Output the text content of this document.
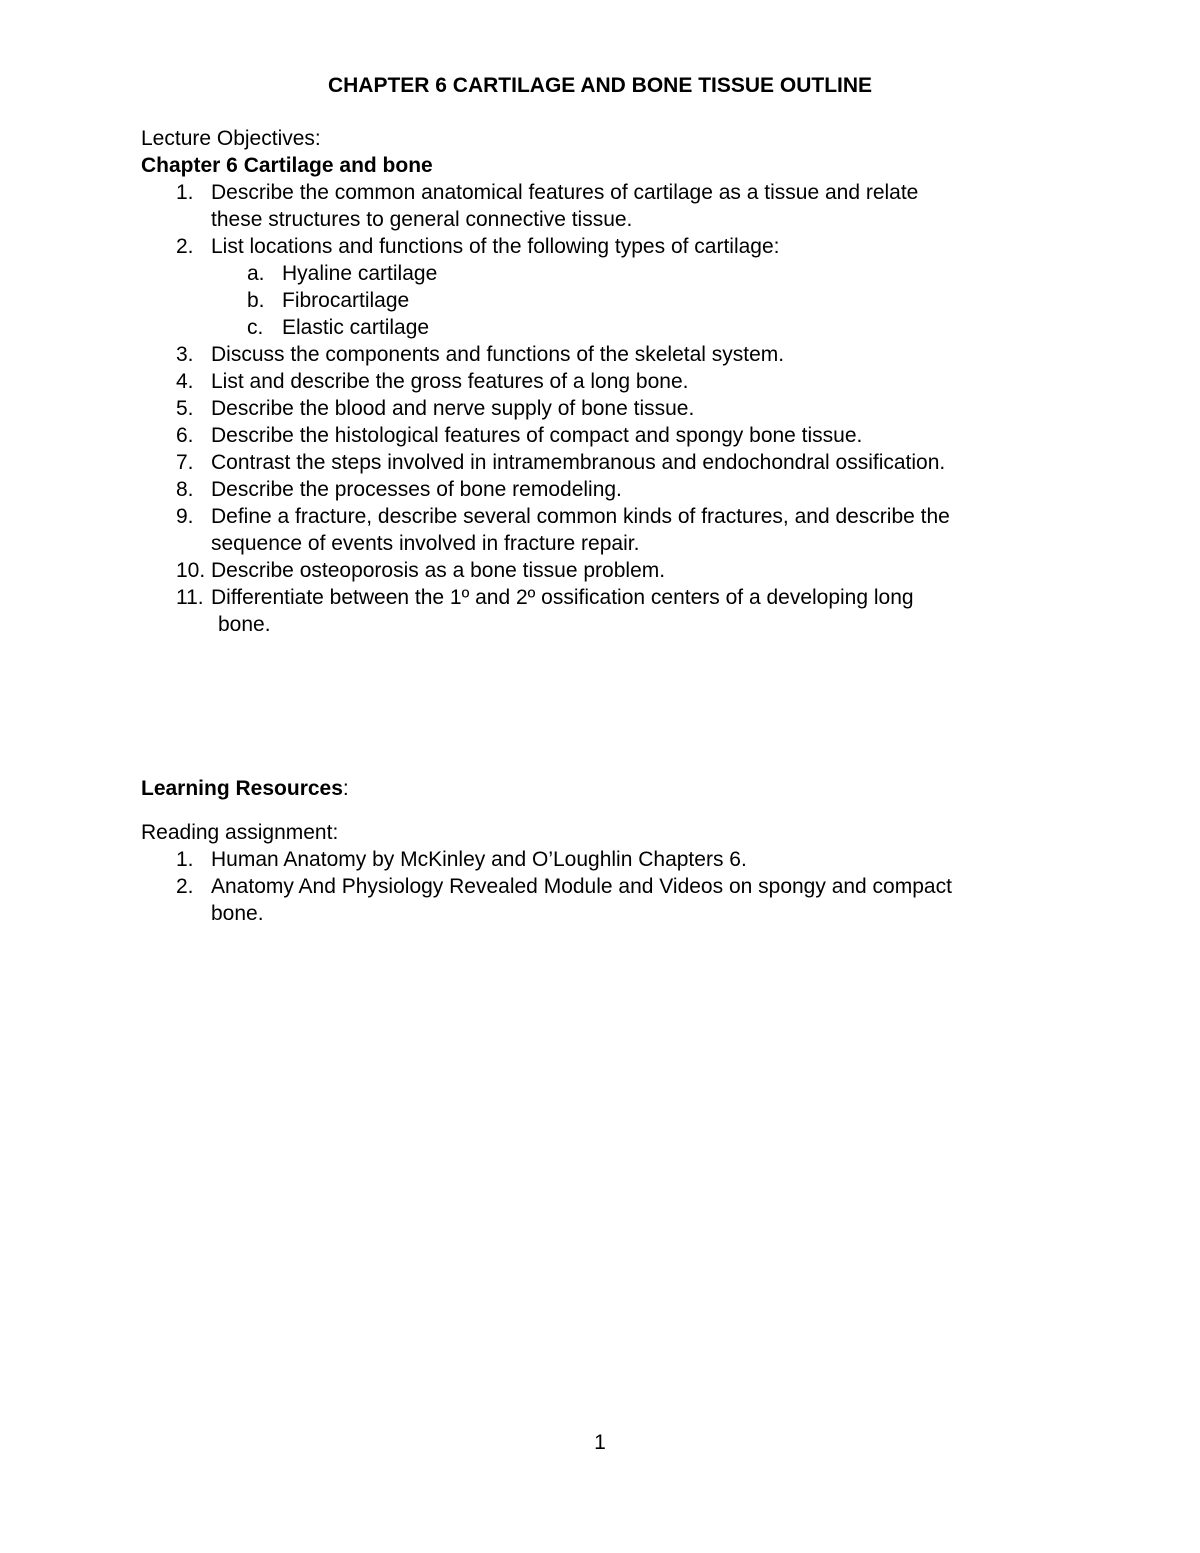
CHAPTER 6 CARTILAGE AND BONE TISSUE OUTLINE
Lecture Objectives:
Chapter 6 Cartilage and bone
1. Describe the common anatomical features of cartilage as a tissue and relate
these structures to general connective tissue.
2. List locations and functions of the following types of cartilage:
a. Hyaline cartilage
b. Fibrocartilage
c. Elastic cartilage
3. Discuss the components and functions of the skeletal system.
4. List and describe the gross features of a long bone.
5. Describe the blood and nerve supply of bone tissue.
6. Describe the histological features of compact and spongy bone tissue.
7. Contrast the steps involved in intramembranous and endochondral ossification.
8. Describe the processes of bone remodeling.
9. Define a fracture, describe several common kinds of fractures, and describe the
sequence of events involved in fracture repair.
10. Describe osteoporosis as a bone tissue problem.
11. Differentiate between the 1º and 2º ossification centers of a developing long
bone.
Learning Resources:
Reading assignment:
1. Human Anatomy by McKinley and O’Loughlin Chapters 6.
2. Anatomy And Physiology Revealed Module and Videos on spongy and compact
bone.
1
